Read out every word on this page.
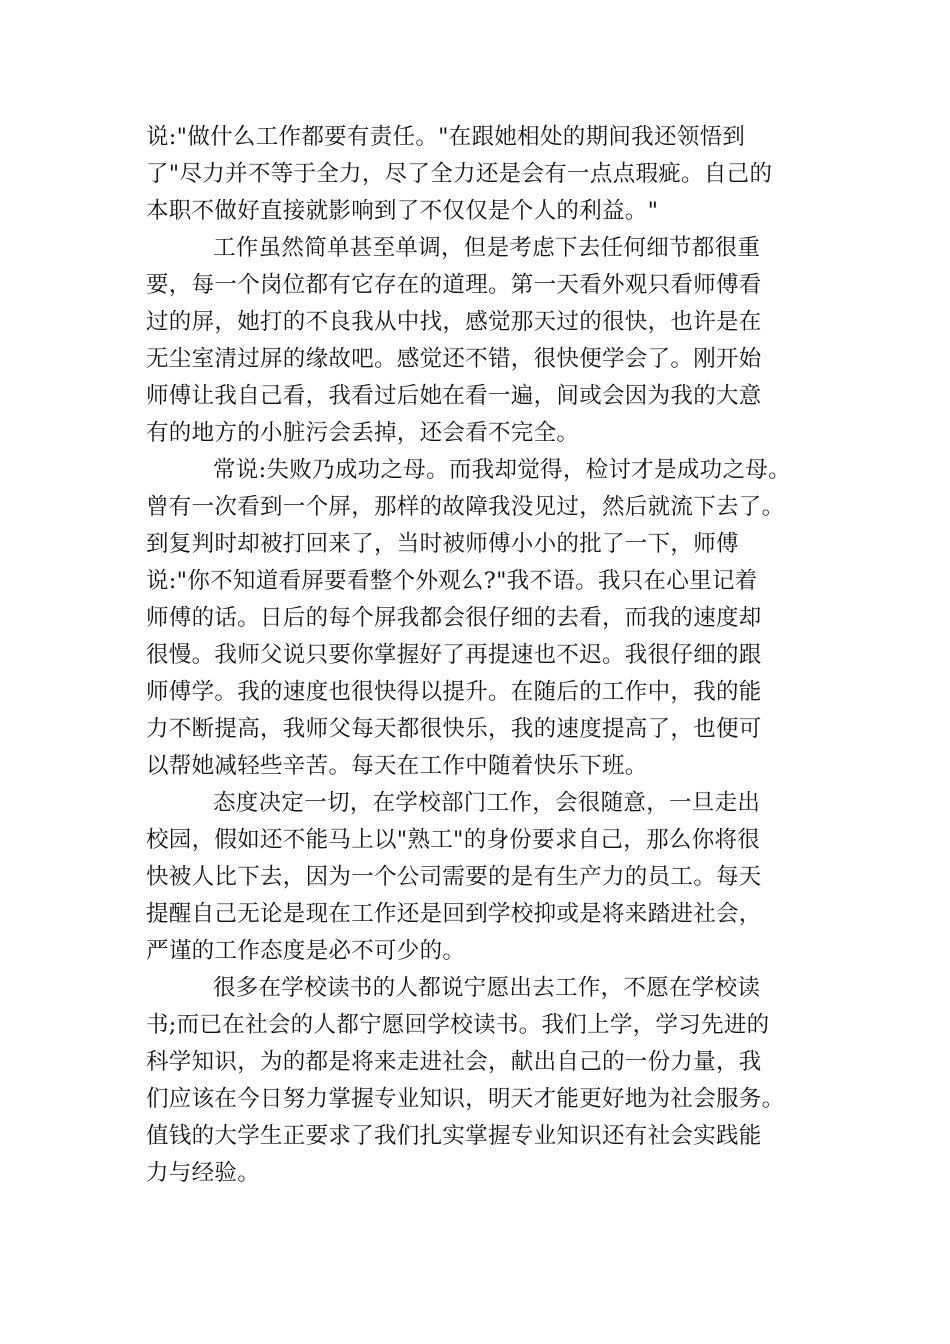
说:"做什么工作都要有责任。"在跟她相处的期间我还领悟到
了"尽力并不等于全力，尽了全力还是会有一点点瑕疵。自己的
本职不做好直接就影响到了不仅仅是个人的利益。"
工作虽然简单甚至单调，但是考虑下去任何细节都很重
要，每一个岗位都有它存在的道理。第一天看外观只看师傅看
过的屏，她打的不良我从中找，感觉那天过的很快，也许是在
无尘室清过屏的缘故吧。感觉还不错，很快便学会了。刚开始
师傅让我自己看，我看过后她在看一遍，间或会因为我的大意
有的地方的小脏污会丢掉，还会看不完全。
常说:失败乃成功之母。而我却觉得，检讨才是成功之母。
曾有一次看到一个屏，那样的故障我没见过，然后就流下去了。
到复判时却被打回来了，当时被师傅小小的批了一下，师傅
说:"你不知道看屏要看整个外观么?"我不语。我只在心里记着
师傅的话。日后的每个屏我都会很仔细的去看，而我的速度却
很慢。我师父说只要你掌握好了再提速也不迟。我很仔细的跟
师傅学。我的速度也很快得以提升。在随后的工作中，我的能
力不断提高，我师父每天都很快乐，我的速度提高了，也便可
以帮她减轻些辛苦。每天在工作中随着快乐下班。
态度决定一切，在学校部门工作，会很随意，一旦走出
校园，假如还不能马上以"熟工"的身份要求自己，那么你将很
快被人比下去，因为一个公司需要的是有生产力的员工。每天
提醒自己无论是现在工作还是回到学校抑或是将来踏进社会，
严谨的工作态度是必不可少的。
很多在学校读书的人都说宁愿出去工作，不愿在学校读
书;而已在社会的人都宁愿回学校读书。我们上学，学习先进的
科学知识，为的都是将来走进社会，献出自己的一份力量，我
们应该在今日努力掌握专业知识，明天才能更好地为社会服务。
值钱的大学生正要求了我们扎实掌握专业知识还有社会实践能
力与经验。
